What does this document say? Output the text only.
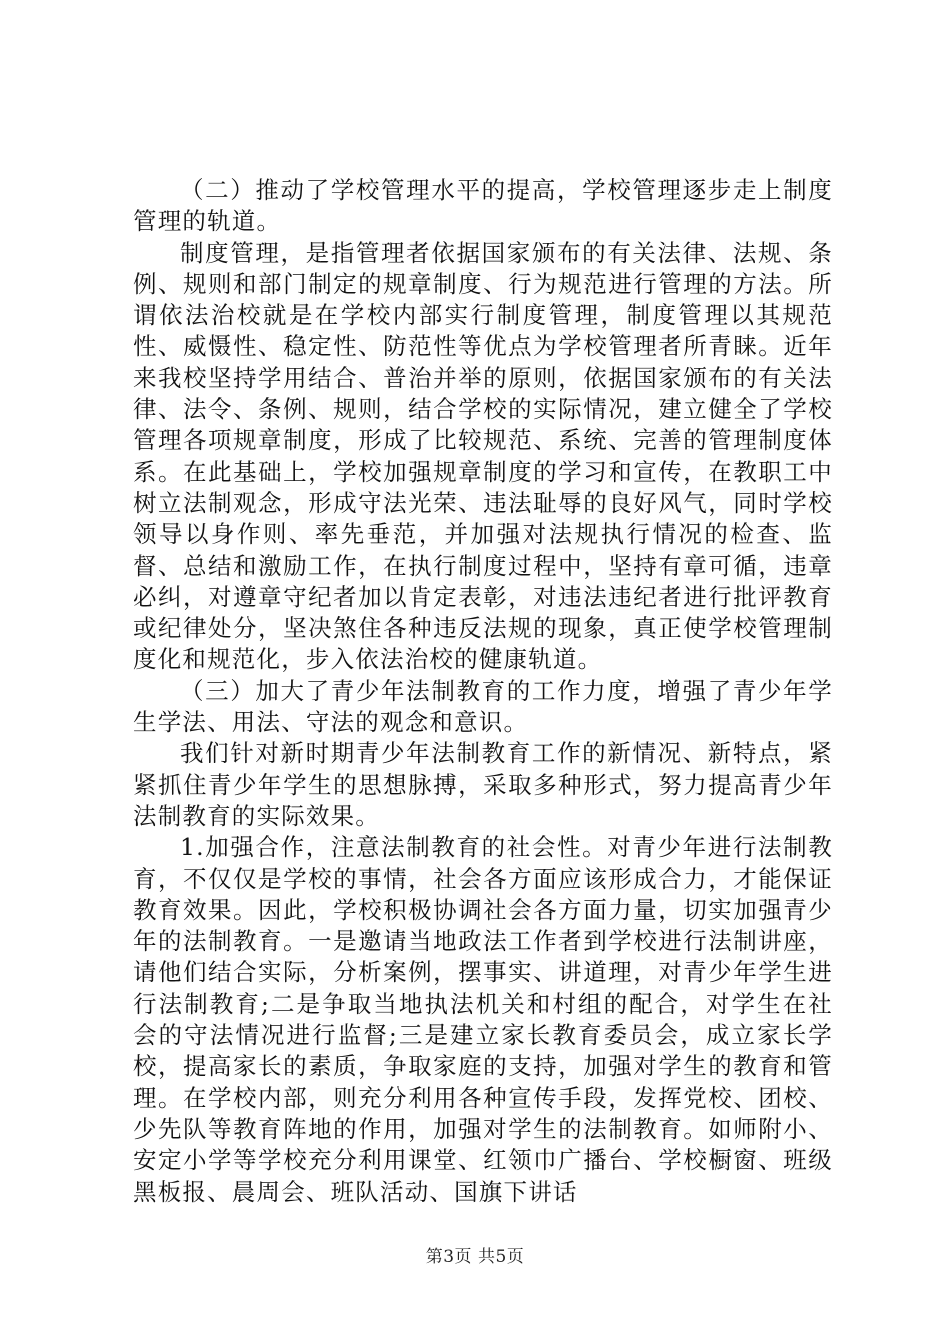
（二）推动了学校管理水平的提高，学校管理逐步走上制度管理的轨道。

制度管理，是指管理者依据国家颁布的有关法律、法规、条例、规则和部门制定的规章制度、行为规范进行管理的方法。所谓依法治校就是在学校内部实行制度管理，制度管理以其规范性、威慑性、稳定性、防范性等优点为学校管理者所青睐。近年来我校坚持学用结合、普治并举的原则，依据国家颁布的有关法律、法令、条例、规则，结合学校的实际情况，建立健全了学校管理各项规章制度，形成了比较规范、系统、完善的管理制度体系。在此基础上，学校加强规章制度的学习和宣传，在教职工中树立法制观念，形成守法光荣、违法耻辱的良好风气，同时学校领导以身作则、率先垂范，并加强对法规执行情况的检查、监督、总结和激励工作，在执行制度过程中，坚持有章可循，违章必纠，对遵章守纪者加以肯定表彰，对违法违纪者进行批评教育或纪律处分，坚决煞住各种违反法规的现象，真正使学校管理制度化和规范化，步入依法治校的健康轨道。

（三）加大了青少年法制教育的工作力度，增强了青少年学生学法、用法、守法的观念和意识。

我们针对新时期青少年法制教育工作的新情况、新特点，紧紧抓住青少年学生的思想脉搏，采取多种形式，努力提高青少年法制教育的实际效果。

1.加强合作，注意法制教育的社会性。对青少年进行法制教育，不仅仅是学校的事情，社会各方面应该形成合力，才能保证教育效果。因此，学校积极协调社会各方面力量，切实加强青少年的法制教育。一是邀请当地政法工作者到学校进行法制讲座，请他们结合实际，分析案例，摆事实、讲道理，对青少年学生进行法制教育;二是争取当地执法机关和村组的配合，对学生在社会的守法情况进行监督;三是建立家长教育委员会，成立家长学校，提高家长的素质，争取家庭的支持，加强对学生的教育和管理。在学校内部，则充分利用各种宣传手段，发挥党校、团校、少先队等教育阵地的作用，加强对学生的法制教育。如师附小、安定小学等学校充分利用课堂、红领巾广播台、学校橱窗、班级黑板报、晨周会、班队活动、国旗下讲话

第3页 共5页
